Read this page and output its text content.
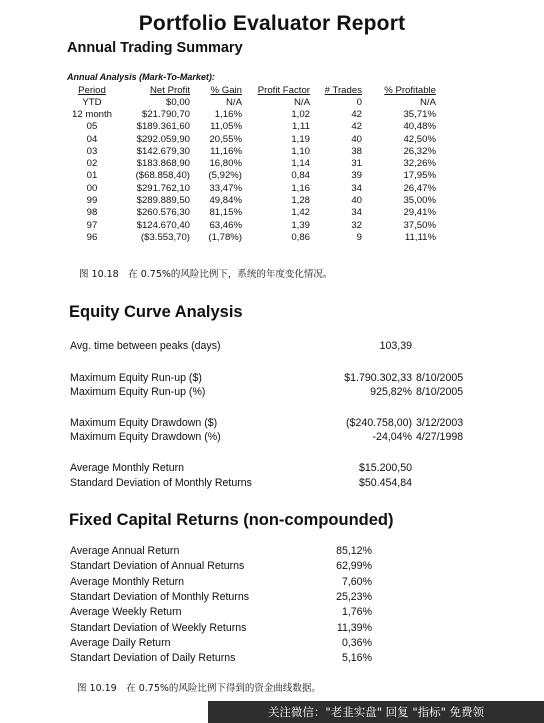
Portfolio Evaluator Report
Annual Trading Summary
Annual Analysis (Mark-To-Market):
Period	Net Profit	% Gain	Profit Factor	# Trades	% Profitable
YTD	$0,00	N/A	N/A	0	N/A
12 month	$21.790,70	1,16%	1,02	42	35,71%
05	$189.361,60	11,05%	1,11	42	40,48%
04	$292.059,90	20,55%	1,19	40	42,50%
03	$142.679,30	11,16%	1,10	38	26,32%
02	$183.868,90	16,80%	1,14	31	32,26%
01	($68.858,40)	(5,92%)	0,84	39	17,95%
00	$291.762,10	33,47%	1,16	34	26,47%
99	$289.889,50	49,84%	1,28	40	35,00%
98	$260.576,30	81,15%	1,42	34	29,41%
97	$124.670,40	63,46%	1,39	32	37,50%
96	($3.553,70)	(1,78%)	0,86	9	11,11%
图 10.18　在 0.75%的风险比例下，系统的年度变化情况。
Equity Curve Analysis
Avg. time between peaks (days)	103,39
Maximum Equity Run-up ($)	$1.790.302,33 8/10/2005
Maximum Equity Run-up (%)	925,82% 8/10/2005
Maximum Equity Drawdown ($)	($240.758,00) 3/12/2003
Maximum Equity Drawdown (%)	-24,04% 4/27/1998
Average Monthly Return	$15.200,50
Standard Deviation of Monthly Returns	$50.454,84
Fixed Capital Returns (non-compounded)
Average Annual Return	85,12%
Standart Deviation of Annual Returns	62,99%
Average Monthly Return	7,60%
Standart Deviation of Monthly Returns	25,23%
Average Weekly Return	1,76%
Standart Deviation of Weekly Returns	11,39%
Average Daily Return	0,36%
Standart Deviation of Daily Returns	5,16%
图 10.19　在 0.75%的风险比例下得到的资金曲线数据。
关注微信："老韭实盘" 回复 "指标" 免费领
